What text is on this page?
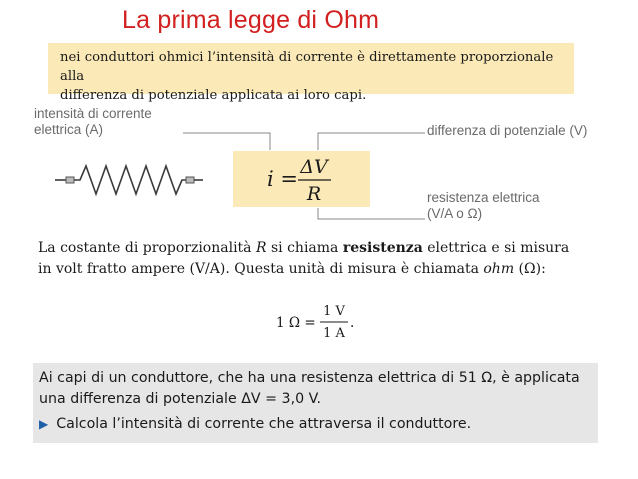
La prima legge di Ohm
nei conduttori ohmici l’intensità di corrente è direttamente proporzionale alla
differenza di potenziale applicata ai loro capi.
intensità di corrente elettrica (A)	differenza di potenziale (V)
resistenza elettrica
(V/A o Ω)
i = ΔV
R
La costante di proporzionalità R si chiama resistenza elettrica e si misura in volt fratto ampere (V/A). Questa unità di misura è chiamata ohm (Ω):
1 Ω =
1 V
1 A
.
Ai capi di un conduttore, che ha una resistenza elettrica di 51 Ω, è applicata
una differenza di potenziale ΔV = 3,0 V.
▶ Calcola l’intensità di corrente che attraversa il conduttore.
